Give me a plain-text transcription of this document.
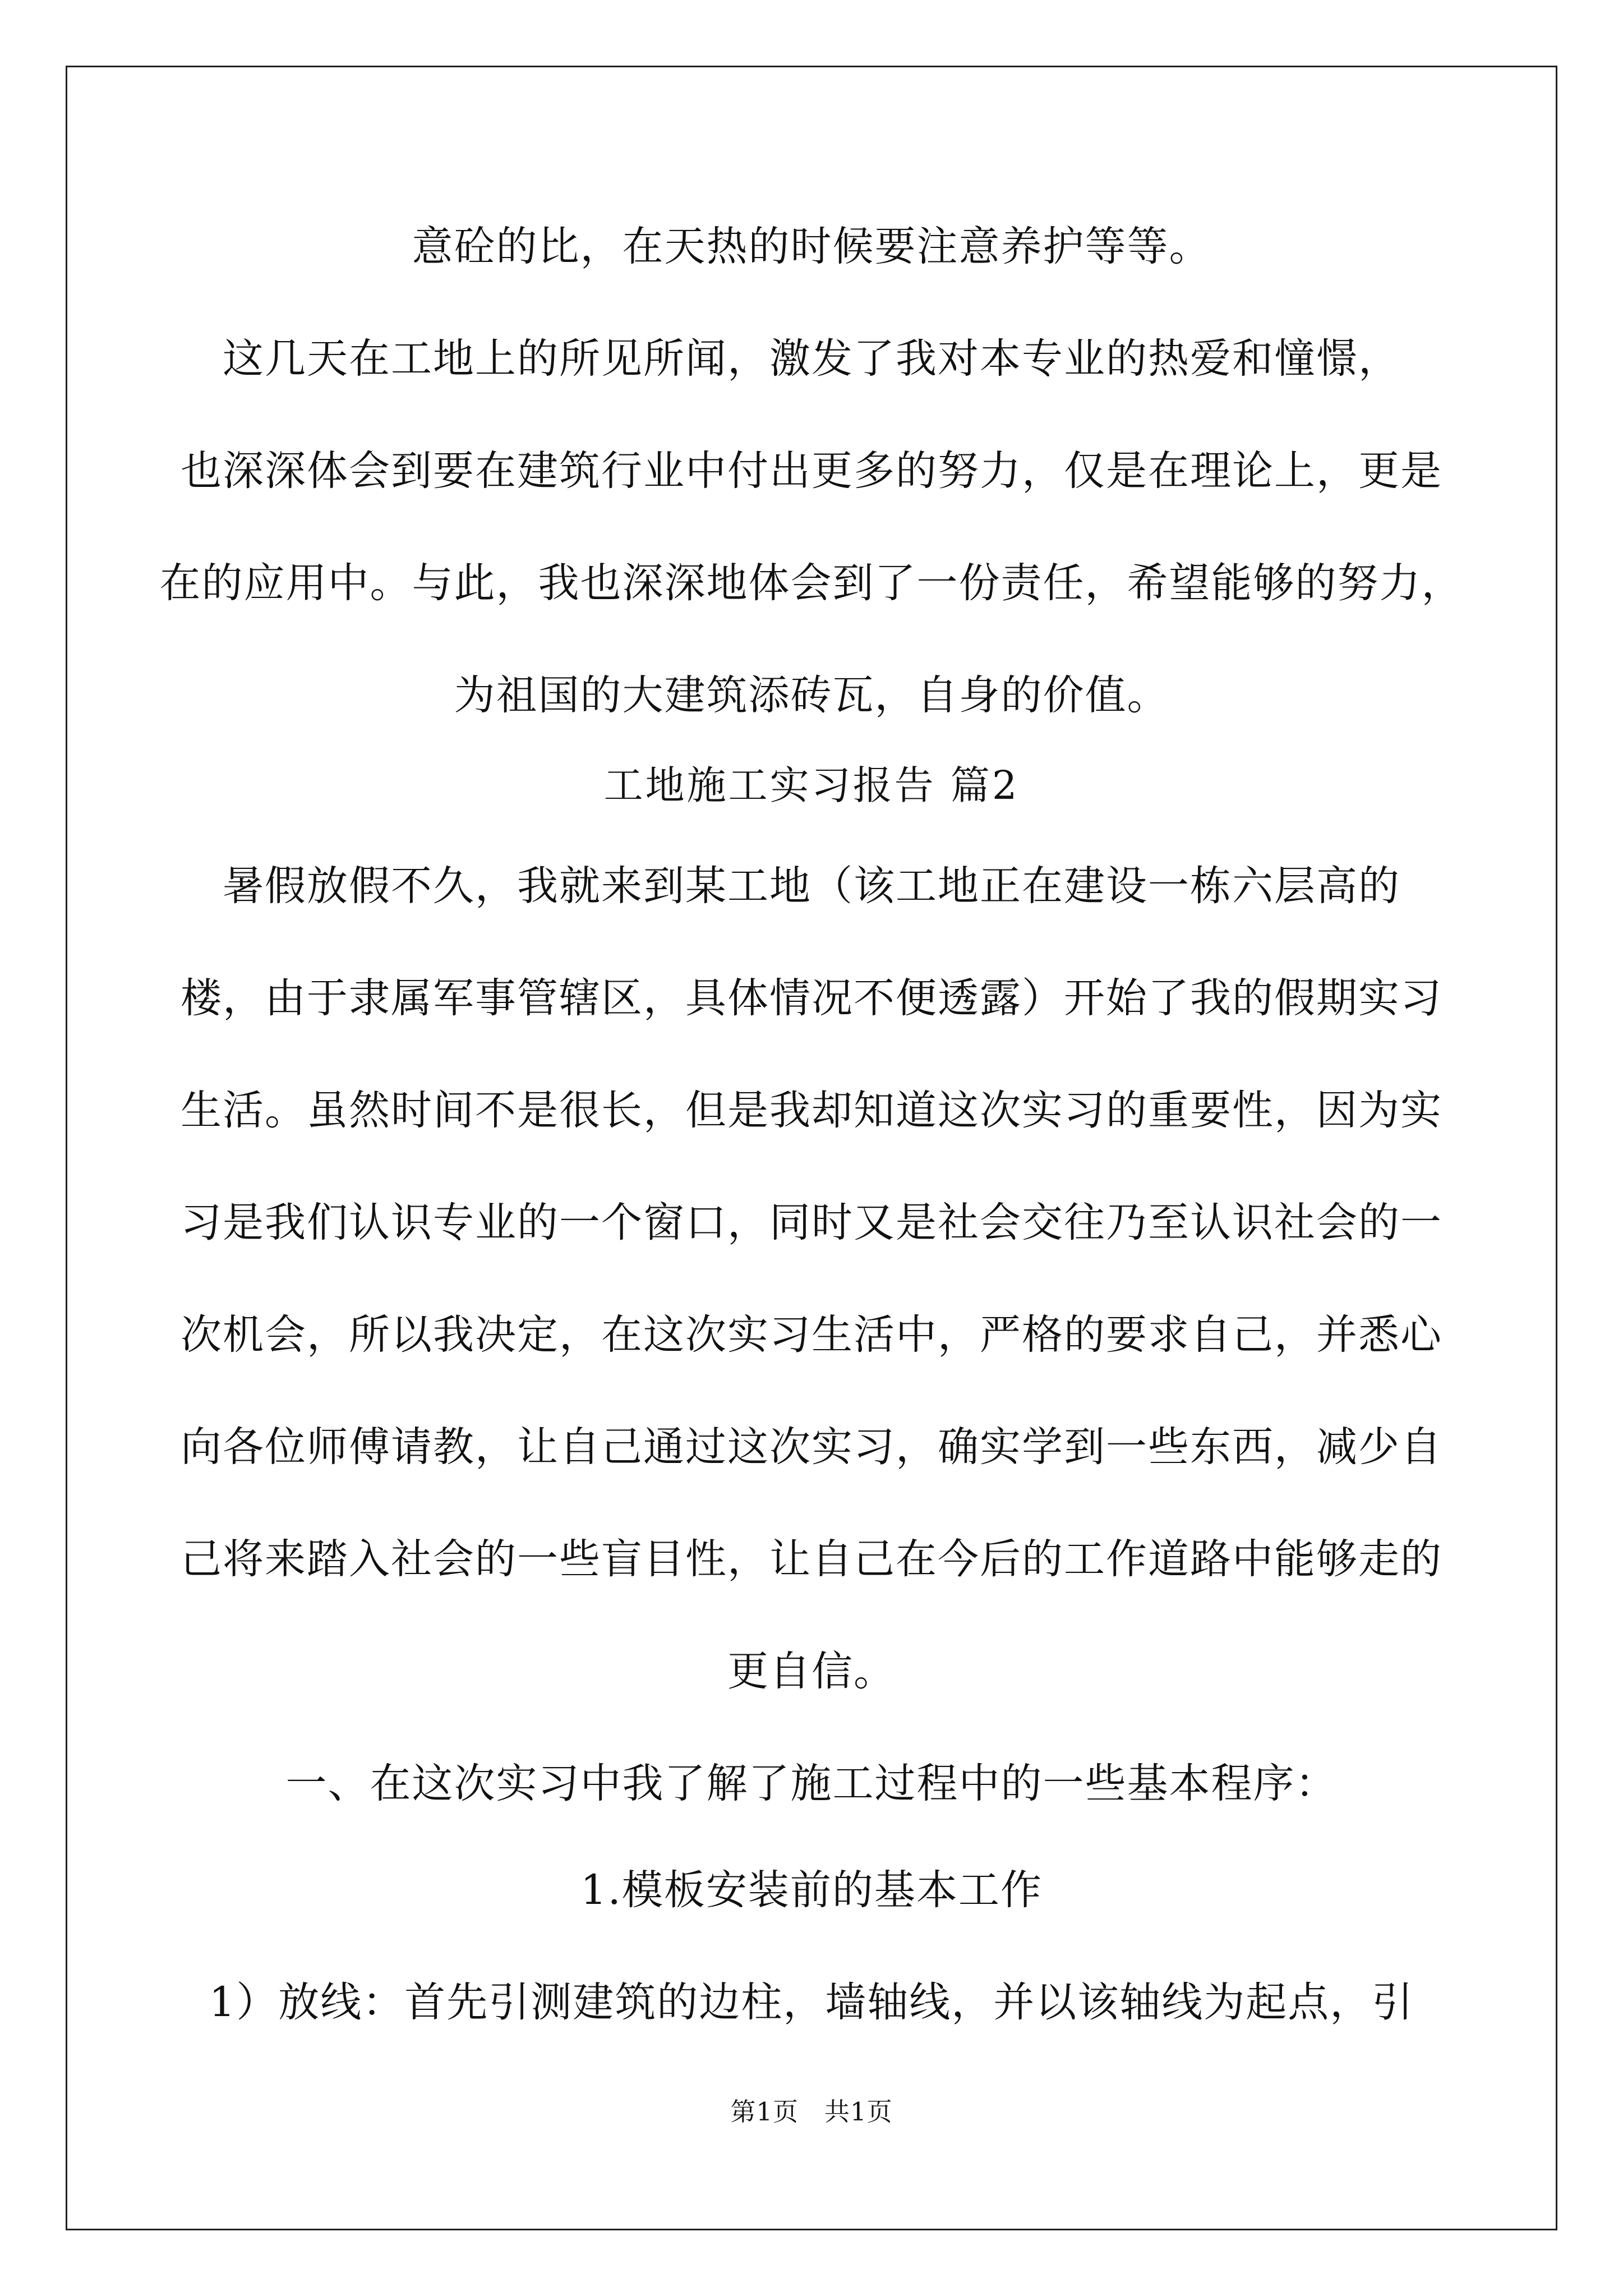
意砼的比，在天热的时候要注意养护等等。

这几天在工地上的所见所闻，激发了我对本专业的热爱和憧憬，

也深深体会到要在建筑行业中付出更多的努力，仅是在理论上，更是

在的应用中。与此，我也深深地体会到了一份责任，希望能够的努力，

为祖国的大建筑添砖瓦，自身的价值。

工地施工实习报告 篇2

暑假放假不久，我就来到某工地（该工地正在建设一栋六层高的

楼，由于隶属军事管辖区，具体情况不便透露）开始了我的假期实习

生活。虽然时间不是很长，但是我却知道这次实习的重要性，因为实

习是我们认识专业的一个窗口，同时又是社会交往乃至认识社会的一

次机会，所以我决定，在这次实习生活中，严格的要求自己，并悉心

向各位师傅请教，让自己通过这次实习，确实学到一些东西，减少自

己将来踏入社会的一些盲目性，让自己在今后的工作道路中能够走的

更自信。

一、在这次实习中我了解了施工过程中的一些基本程序：

1.模板安装前的基本工作

1）放线：首先引测建筑的边柱，墙轴线，并以该轴线为起点，引

第1页　共1页
